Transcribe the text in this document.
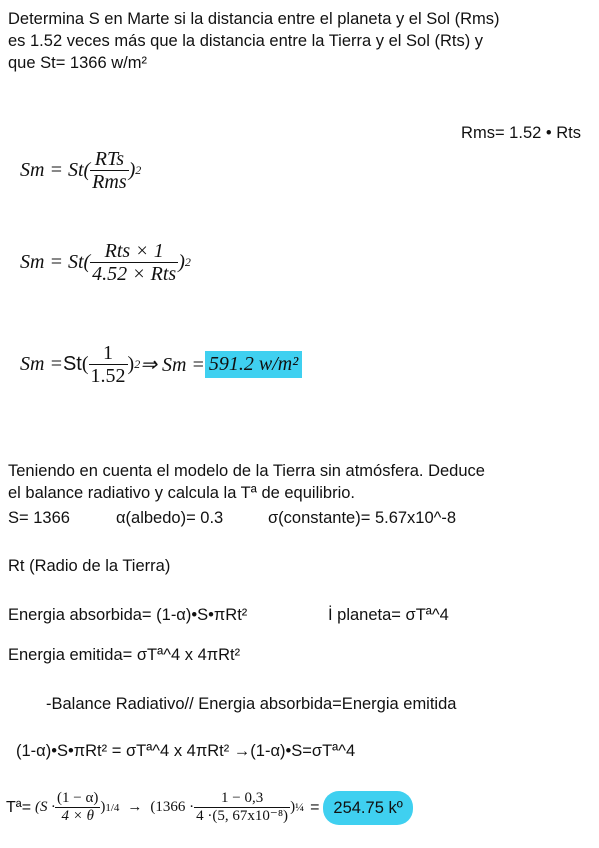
Determina S en Marte si la distancia entre el planeta y el Sol (Rms)
es 1.52 veces más que la distancia entre la Tierra y el Sol (Rts) y
que St= 1366 w/m²
Rms= 1.52 • Rts
$Sm = St( \frac{\text{RTs}}{\text{Rms}}$ ) 2
$Sm = St( \frac{\text{Rts × 1}}{\text{4.52 × Rts}}$ ) 2
Sm = St ( $\frac{1}{1.52}$ ) 2 ⇒ Sm = 591.2 w/m²
Teniendo en cuenta el modelo de la Tierra sin atmósfera. Deduce
el balance radiativo y calcula la Tª de equilibrio.
S= 1366	α(albedo)= 0.3	σ(constante)= 5.67x10^-8
Rt (Radio de la Tierra)
Energia absorbida= (1-α)•S•πRt²	İ planeta= σTª^4
Energia emitida= σTª^4 x 4πRt²
-Balance Radiativo// Energia absorbida=Energia emitida
(1-α)•S•πRt² = σTª^4 x 4πRt² →(1-α)•S=σTª^4
Tª= ($S \cdot \frac{(1 - \alpha)}{4 \times \theta}$ ) $1/4 \to (1366 \cdot \frac{1 - 0,3}{\text{4 ·(5, 67x10⁻⁸)}}$ ) ¼ = 254.75 kº
